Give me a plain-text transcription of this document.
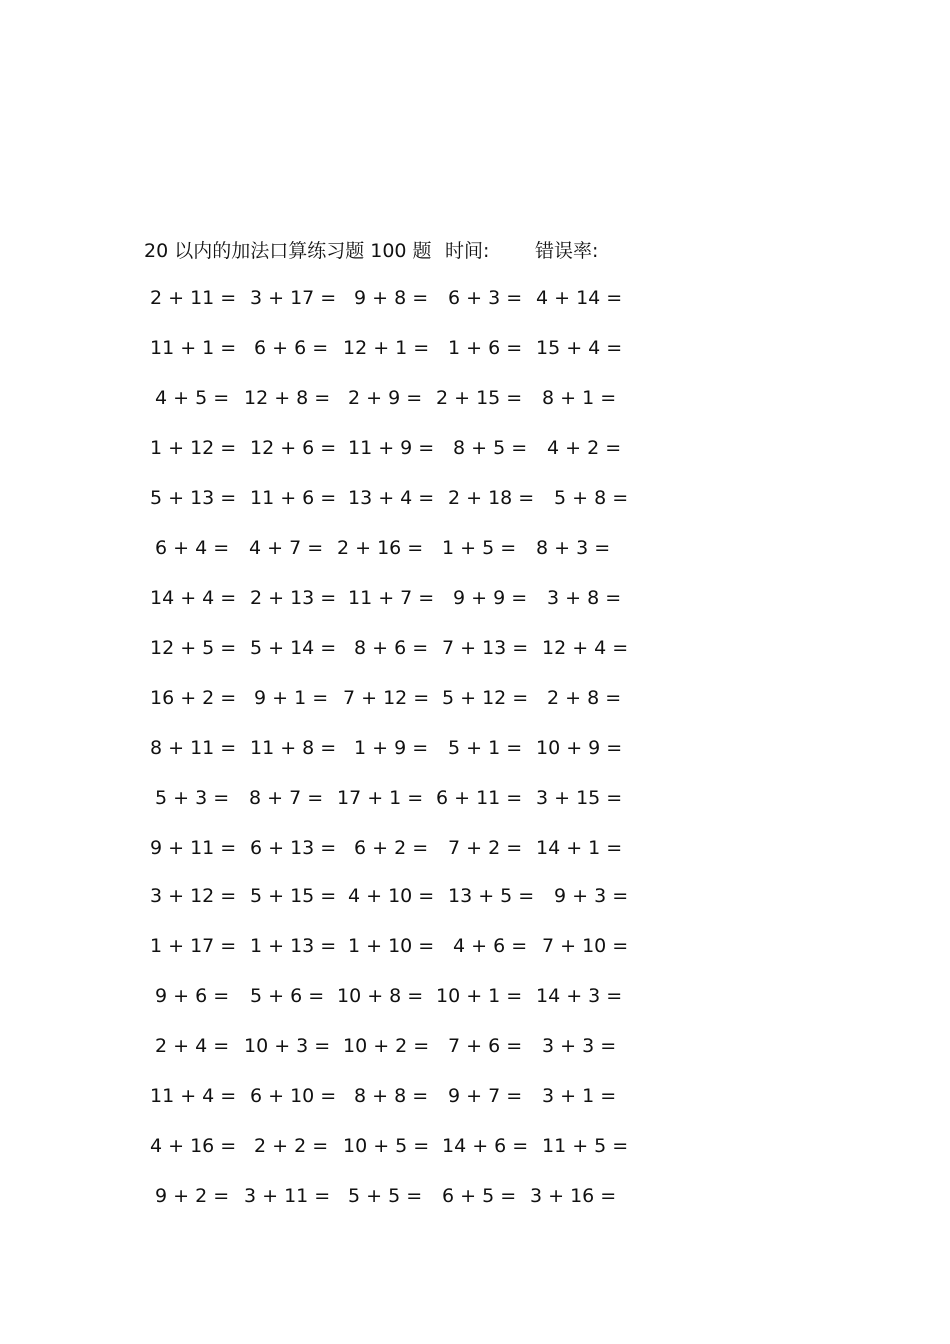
20 以内的加法口算练习题 100 题 时间: 错误率:
2 + 11 = 3 + 17 = 9 + 8 = 6 + 3 = 4 + 14 =
11 + 1 = 6 + 6 = 12 + 1 = 1 + 6 = 15 + 4 =
4 + 5 = 12 + 8 = 2 + 9 = 2 + 15 = 8 + 1 =
1 + 12 = 12 + 6 = 11 + 9 = 8 + 5 = 4 + 2 =
5 + 13 = 11 + 6 = 13 + 4 = 2 + 18 = 5 + 8 =
6 + 4 = 4 + 7 = 2 + 16 = 1 + 5 = 8 + 3 =
14 + 4 = 2 + 13 = 11 + 7 = 9 + 9 = 3 + 8 =
12 + 5 = 5 + 14 = 8 + 6 = 7 + 13 = 12 + 4 =
16 + 2 = 9 + 1 = 7 + 12 = 5 + 12 = 2 + 8 =
8 + 11 = 11 + 8 = 1 + 9 = 5 + 1 = 10 + 9 =
5 + 3 = 8 + 7 = 17 + 1 = 6 + 11 = 3 + 15 =
9 + 11 = 6 + 13 = 6 + 2 = 7 + 2 = 14 + 1 =
3 + 12 = 5 + 15 = 4 + 10 = 13 + 5 = 9 + 3 =
1 + 17 = 1 + 13 = 1 + 10 = 4 + 6 = 7 + 10 =
9 + 6 = 5 + 6 = 10 + 8 = 10 + 1 = 14 + 3 =
2 + 4 = 10 + 3 = 10 + 2 = 7 + 6 = 3 + 3 =
11 + 4 = 6 + 10 = 8 + 8 = 9 + 7 = 3 + 1 =
4 + 16 = 2 + 2 = 10 + 5 = 14 + 6 = 11 + 5 =
9 + 2 = 3 + 11 = 5 + 5 = 6 + 5 = 3 + 16 =
